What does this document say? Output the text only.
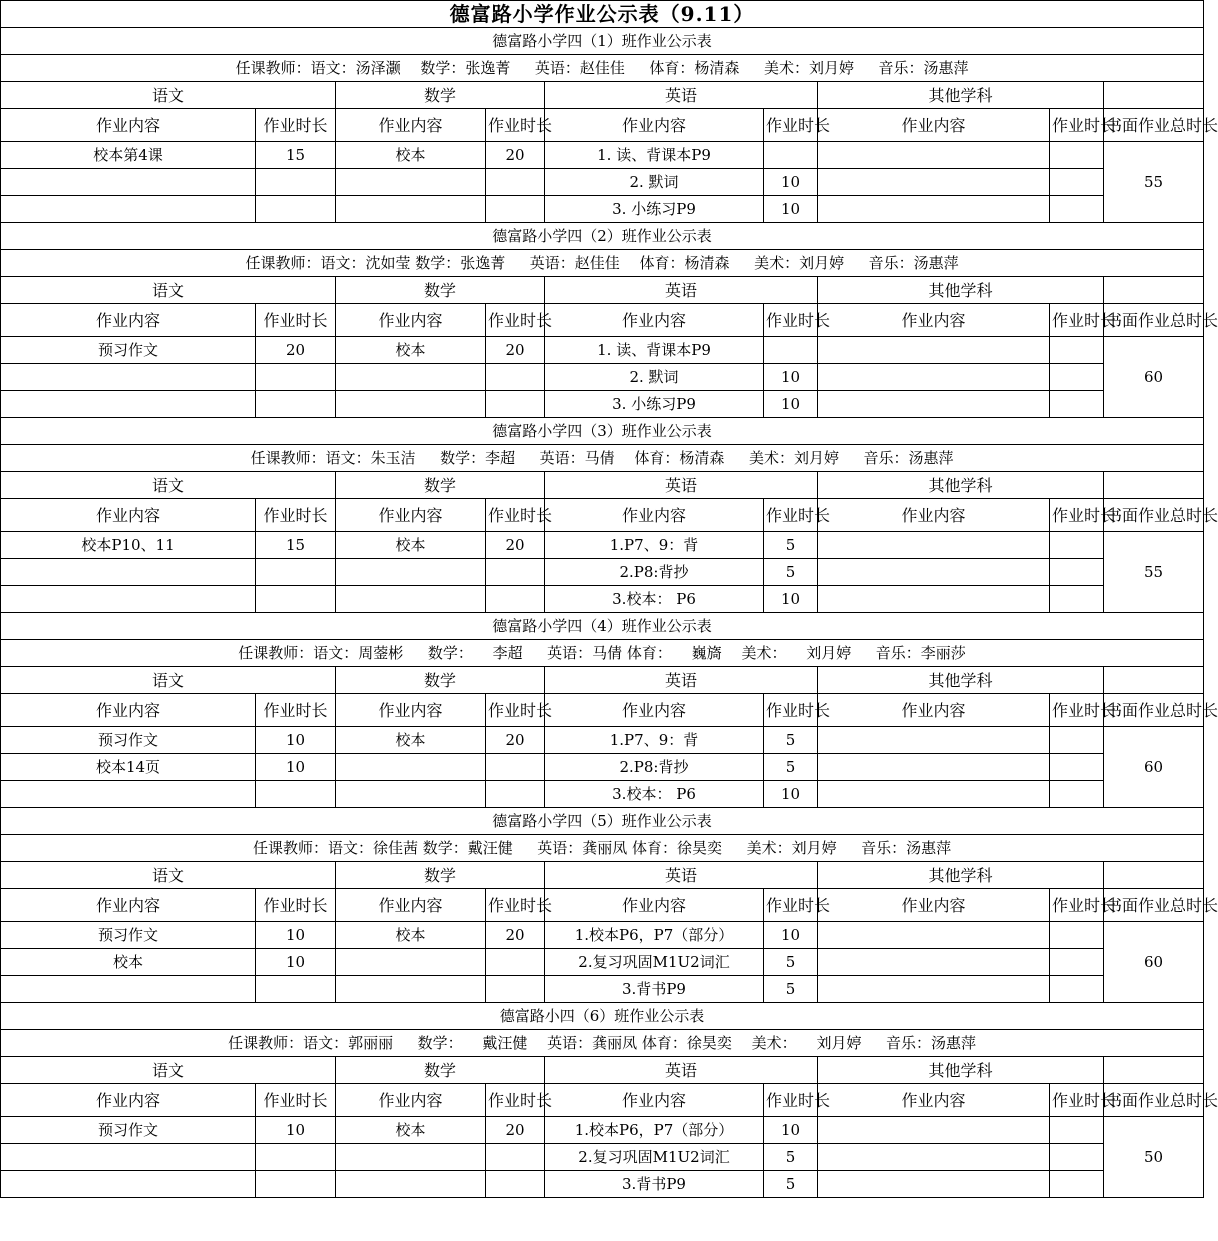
德富路小学作业公示表（9.11）								
德富路小学四（1）班作业公示表								
任课教师：语文：汤泽灏 　数学：张逸菁 　 英语：赵佳佳 　 体育：杨清森 　 美术：刘月婷 　 音乐：汤惠萍								
语文		数学		英语		其他学科		
作业内容	作业时长	作业内容	作业时长	作业内容	作业时长	作业内容	作业时长	书面作业总时长
校本第4课	15	校本	20	1. 读、背课本P9				55
				2. 默词	10			
				3. 小练习P9	10			
德富路小学四（2）班作业公示表								
任课教师：语文：沈如莹 数学：张逸菁 　 英语：赵佳佳 　体育：杨清森 　 美术：刘月婷 　 音乐：汤惠萍								
语文		数学		英语		其他学科		
作业内容	作业时长	作业内容	作业时长	作业内容	作业时长	作业内容	作业时长	书面作业总时长
预习作文	20	校本	20	1. 读、背课本P9				60
				2. 默词	10			
				3. 小练习P9	10			
德富路小学四（3）班作业公示表								
任课教师：语文：朱玉洁 　 数学：李超 　 英语：马倩 　体育：杨清森 　 美术：刘月婷 　 音乐：汤惠萍								
语文		数学		英语		其他学科		
作业内容	作业时长	作业内容	作业时长	作业内容	作业时长	作业内容	作业时长	书面作业总时长
校本P10、11	15	校本	20	1.P7、9：背	5			55
				2.P8:背抄	5			
				3.校本： P6	10			
德富路小学四（4）班作业公示表								
任课教师：语文：周蓥彬 　 数学： 　李超 　 英语：马倩 体育： 　巍旖 　美术： 　刘月婷 　 音乐：李丽莎								
语文		数学		英语		其他学科		
作业内容	作业时长	作业内容	作业时长	作业内容	作业时长	作业内容	作业时长	书面作业总时长
预习作文	10	校本	20	1.P7、9：背	5			60
校本14页	10			2.P8:背抄	5			
				3.校本： P6	10			
德富路小学四（5）班作业公示表								
任课教师：语文：徐佳茜 数学：戴汪健 　 英语：龚丽凤 体育：徐昊奕 　 美术：刘月婷 　 音乐：汤惠萍								
语文		数学		英语		其他学科		
作业内容	作业时长	作业内容	作业时长	作业内容	作业时长	作业内容	作业时长	书面作业总时长
预习作文	10	校本	20	1.校本P6，P7（部分）	10			60
校本	10			2.复习巩固M1U2词汇	5			
				3.背书P9	5			
德富路小四（6）班作业公示表								
任课教师：语文：郭丽丽 　 数学： 　戴汪健 　英语：龚丽凤 体育：徐昊奕 　美术： 　刘月婷 　 音乐：汤惠萍								
语文		数学		英语		其他学科		
作业内容	作业时长	作业内容	作业时长	作业内容	作业时长	作业内容	作业时长	书面作业总时长
预习作文	10	校本	20	1.校本P6，P7（部分）	10			50
				2.复习巩固M1U2词汇	5			
				3.背书P9	5			
